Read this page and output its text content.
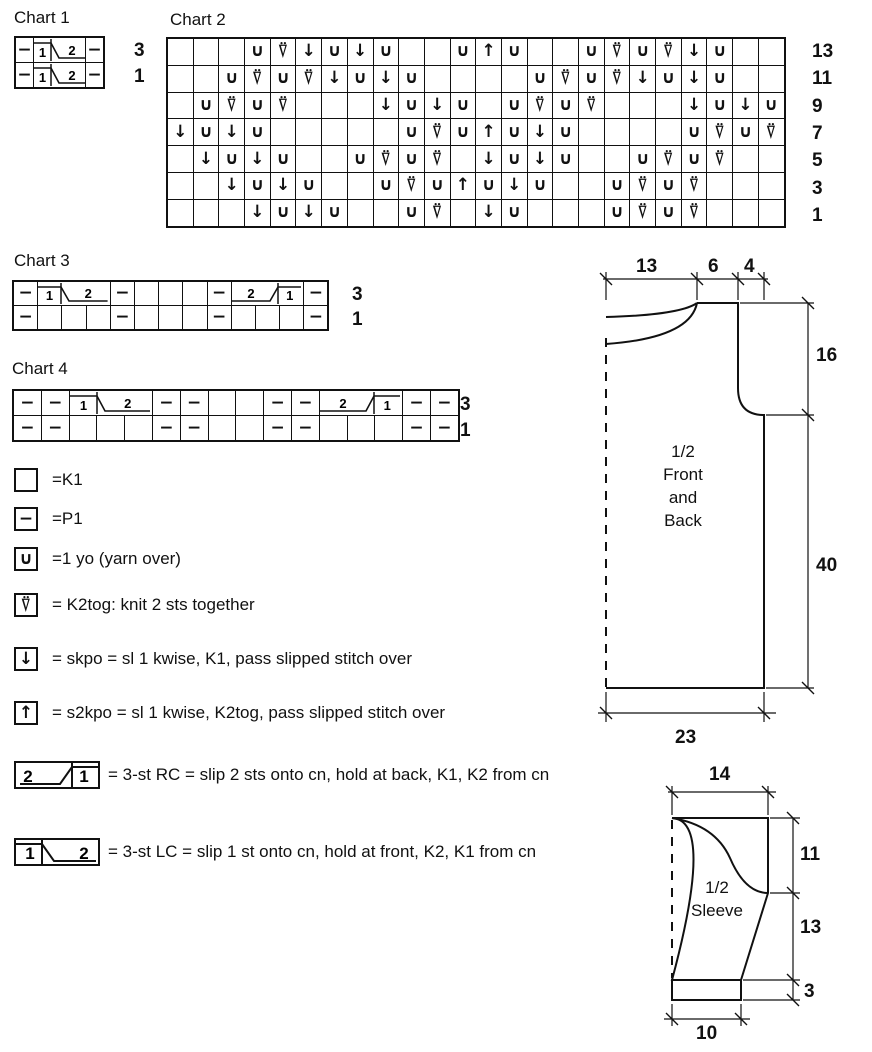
Chart 1	Chart 2
Chart 3
Chart 4
3
1
−	1 2	−
−	1 2	−
13
11
9
7
5
3
1
			∪	⍢	↓	∪	↓	∪			∪	↑	∪			∪	⍢	∪	⍢	↓	∪		
		∪	⍢	∪	⍢	↓	∪	↓	∪					∪	⍢	∪	⍢	↓	∪	↓	∪		
	∪	⍢	∪	⍢				↓	∪	↓	∪		∪	⍢	∪	⍢				↓	∪	↓	∪
↓	∪	↓	∪						∪	⍢	∪	↑	∪	↓	∪					∪	⍢	∪	⍢
	↓	∪	↓	∪			∪	⍢	∪	⍢		↓	∪	↓	∪			∪	⍢	∪	⍢		
		↓	∪	↓	∪			∪	⍢	∪	↑	∪	↓	∪			∪	⍢	∪	⍢			
			↓	∪	↓	∪			∪	⍢		↓	∪				∪	⍢	∪	⍢			
3
1
−	1 2			−				−	2 1			−
−				−				−				−
3
1
−	−	1 2			−	−			−	−	2 1			−	−
−	−				−	−			−	−				−	−
=K1
− =P1
∪ =1 yo (yarn over)
⍢	= K2tog: knit 2 sts together
↓ = skpo = sl 1 kwise, K1, pass slipped stitch over
↑ = s2kpo = sl 1 kwise, K2tog, pass slipped stitch over
2	1 = 3-st RC = slip 2 sts onto cn, hold at back, K1, K2 from cn
1	2 = 3-st LC = slip 1 st onto cn, hold at front, K2, K1 from cn
13	6 4
16
40
23
1/2
Front
and
Back
14
11
13
3
10
1/2
Sleeve
